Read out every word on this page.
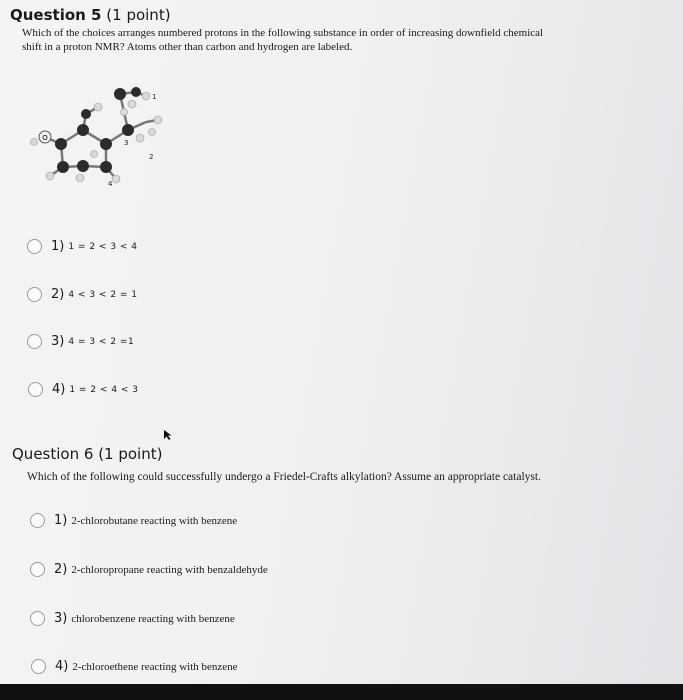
Question 5 (1 point)
Which of the choices arranges numbered protons in the following substance in order of increasing downfield chemical
shift in a proton NMR? Atoms other than carbon and hydrogen are labeled.
O
1
2
3
4
1) 1 = 2 < 3 < 4
2) 4 < 3 < 2 = 1
3) 4 = 3 < 2 =1
4) 1 = 2 < 4 < 3
Question 6 (1 point)
Which of the following could successfully undergo a Friedel-Crafts alkylation? Assume an appropriate catalyst.
1) 2-chlorobutane reacting with benzene
2) 2-chloropropane reacting with benzaldehyde
3) chlorobenzene reacting with benzene
4) 2-chloroethene reacting with benzene
